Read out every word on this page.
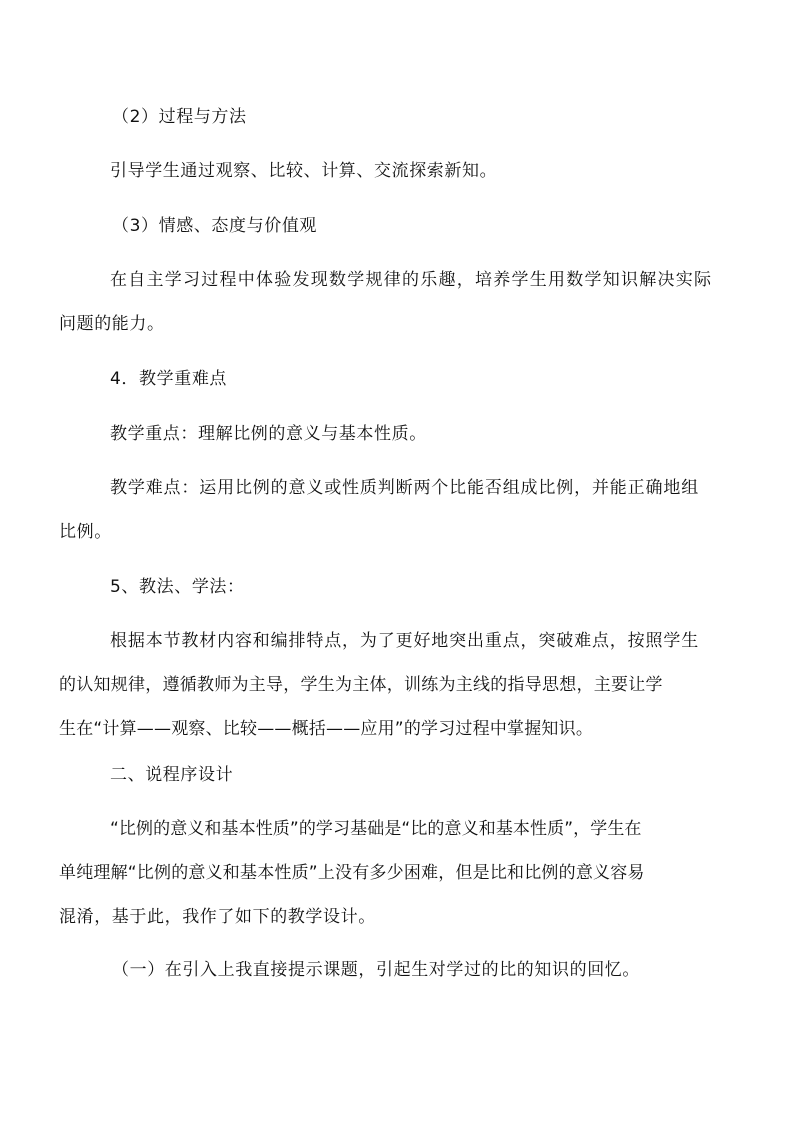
（2）过程与方法

引导学生通过观察、比较、计算、交流探索新知。

（3）情感、态度与价值观

在自主学习过程中体验发现数学规律的乐趣，培养学生用数学知识解决实际
问题的能力。

4．教学重难点

教学重点：理解比例的意义与基本性质。

教学难点：运用比例的意义或性质判断两个比能否组成比例，并能正确地组
比例。

5、教法、学法：

根据本节教材内容和编排特点，为了更好地突出重点，突破难点，按照学生
的认知规律，遵循教师为主导，学生为主体，训练为主线的指导思想，主要让学
生在“计算——观察、比较——概括——应用”的学习过程中掌握知识。

二、说程序设计

“比例的意义和基本性质”的学习基础是“比的意义和基本性质”，学生在
单纯理解“比例的意义和基本性质”上没有多少困难，但是比和比例的意义容易
混淆，基于此，我作了如下的教学设计。

（一）在引入上我直接提示课题，引起生对学过的比的知识的回忆。
